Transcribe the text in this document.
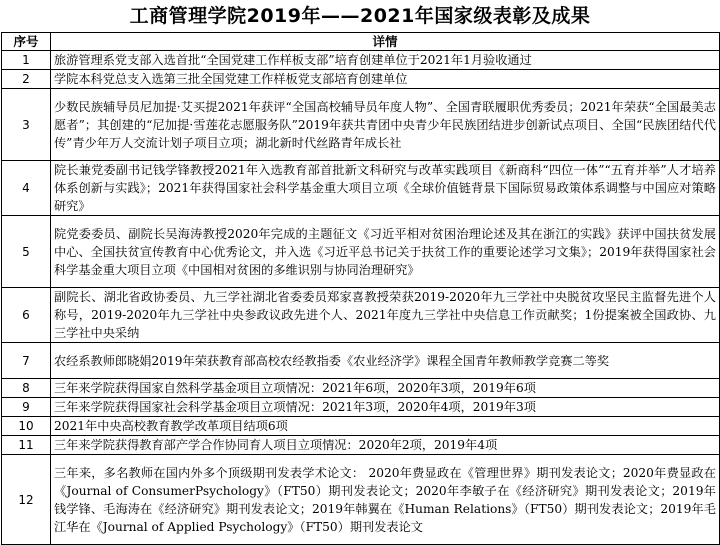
工商管理学院2019年——2021年国家级表彰及成果
序号	详情
1	旅游管理系党支部入选首批“全国党建工作样板支部”培育创建单位于2021年1月验收通过
2	学院本科党总支入选第三批全国党建工作样板党支部培育创建单位
3	少数民族辅导员尼加提·艾买提2021年获评“全国高校辅导员年度人物”、全国青联履职优秀委员；2021年荣获“全国最美志愿者”；其创建的“尼加提·雪莲花志愿服务队”2019年获共青团中央青少年民族团结进步创新试点项目、全国“民族团结代代传”青少年万人交流计划子项目立项；湖北新时代丝路青年成长社
4	院长兼党委副书记钱学锋教授2021年入选教育部首批新文科研究与改革实践项目《新商科“四位一体”“五育并举”人才培养体系创新与实践》；2021年获得国家社会科学基金重大项目立项《全球价值链背景下国际贸易政策体系调整与中国应对策略研究》
5	院党委委员、副院长吴海涛教授2020年完成的主题征文《习近平相对贫困治理论述及其在浙江的实践》获评中国扶贫发展中心、全国扶贫宣传教育中心优秀论文，并入选《习近平总书记关于扶贫工作的重要论述学习文集》；2019年获得国家社会科学基金重大项目立项《中国相对贫困的多维识别与协同治理研究》
6	副院长、湖北省政协委员、九三学社湖北省委委员郑家喜教授荣获2019-2020年九三学社中央脱贫攻坚民主监督先进个人称号，2019-2020年九三学社中央参政议政先进个人、2021年度九三学社中央信息工作贡献奖；1份提案被全国政协、九三学社中央采纳
7	农经系教师郎晓娟2019年荣获教育部高校农经教指委《农业经济学》课程全国青年教师教学竞赛二等奖
8	三年来学院获得国家自然科学基金项目立项情况：2021年6项，2020年3项，2019年6项
9	三年来学院获得国家社会科学基金项目立项情况：2021年3项，2020年4项，2019年3项
10	2021年中央高校教育教学改革项目结项6项
11	三年来学院获得教育部产学合作协同育人项目立项情况：2020年2项，2019年4项
12	三年来，多名教师在国内外多个顶级期刊发表学术论文： 2020年费显政在《管理世界》期刊发表论文；2020年费显政在《Journal of ConsumerPsychology》（FT50）期刊发表论文；2020年李敏子在《经济研究》期刊发表论文；2019年钱学锋、毛海涛在《经济研究》期刊发表论文；2019年韩翼在《Human Relations》（FT50）期刊发表论文；2019年毛江华在《Journal of Applied Psychology》（FT50）期刊发表论文
